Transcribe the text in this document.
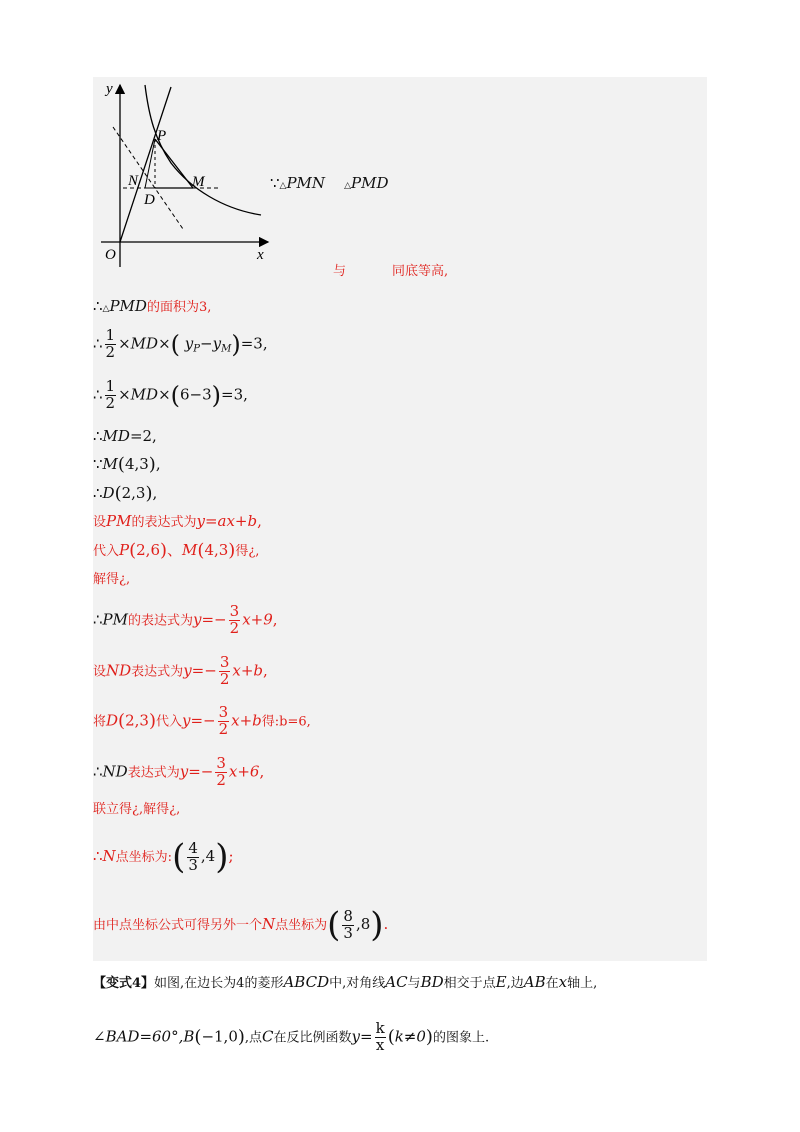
y
x
O
P
N	M
D
∵△PMN △PMD
与	同底等高,
∴△PMD的面积为3,
∴ $\frac{1}{2} \times MD\times$( $y_P-y_M)=3$,
∴ $\frac{1}{2} \times MD\times(6-3)=3$,
∴MD=2,
∵M(4,3),
∴D(2,3),
设PM的表达式为y=ax+b,
代入P(2,6)、M(4,3)得¿,
解得¿,
∴PM的表达式为$y=- \frac{3}{2} x+9$,
设ND表达式为$y=- \frac{3}{2} x+b$,
将D(2,3)代入$y=- \frac{3}{2} x+b$得:b=6,
∴ND表达式为$y=- \frac{3}{2} x+6$,
联立得¿,解得¿,
∴N点坐标为:( $\frac{4}{3} ,4$);
由中点坐标公式可得另外一个N点坐标为( $\frac{8}{3} ,8$).
【变式4】如图,在边长为4的菱形ABCD中,对角线AC与BD相交于点E,边AB在x轴上,
∠BAD=60°,B(−1,0),点C在反比例函数$y= \frac{k}{x} (k\ne 0)$的图象上.
